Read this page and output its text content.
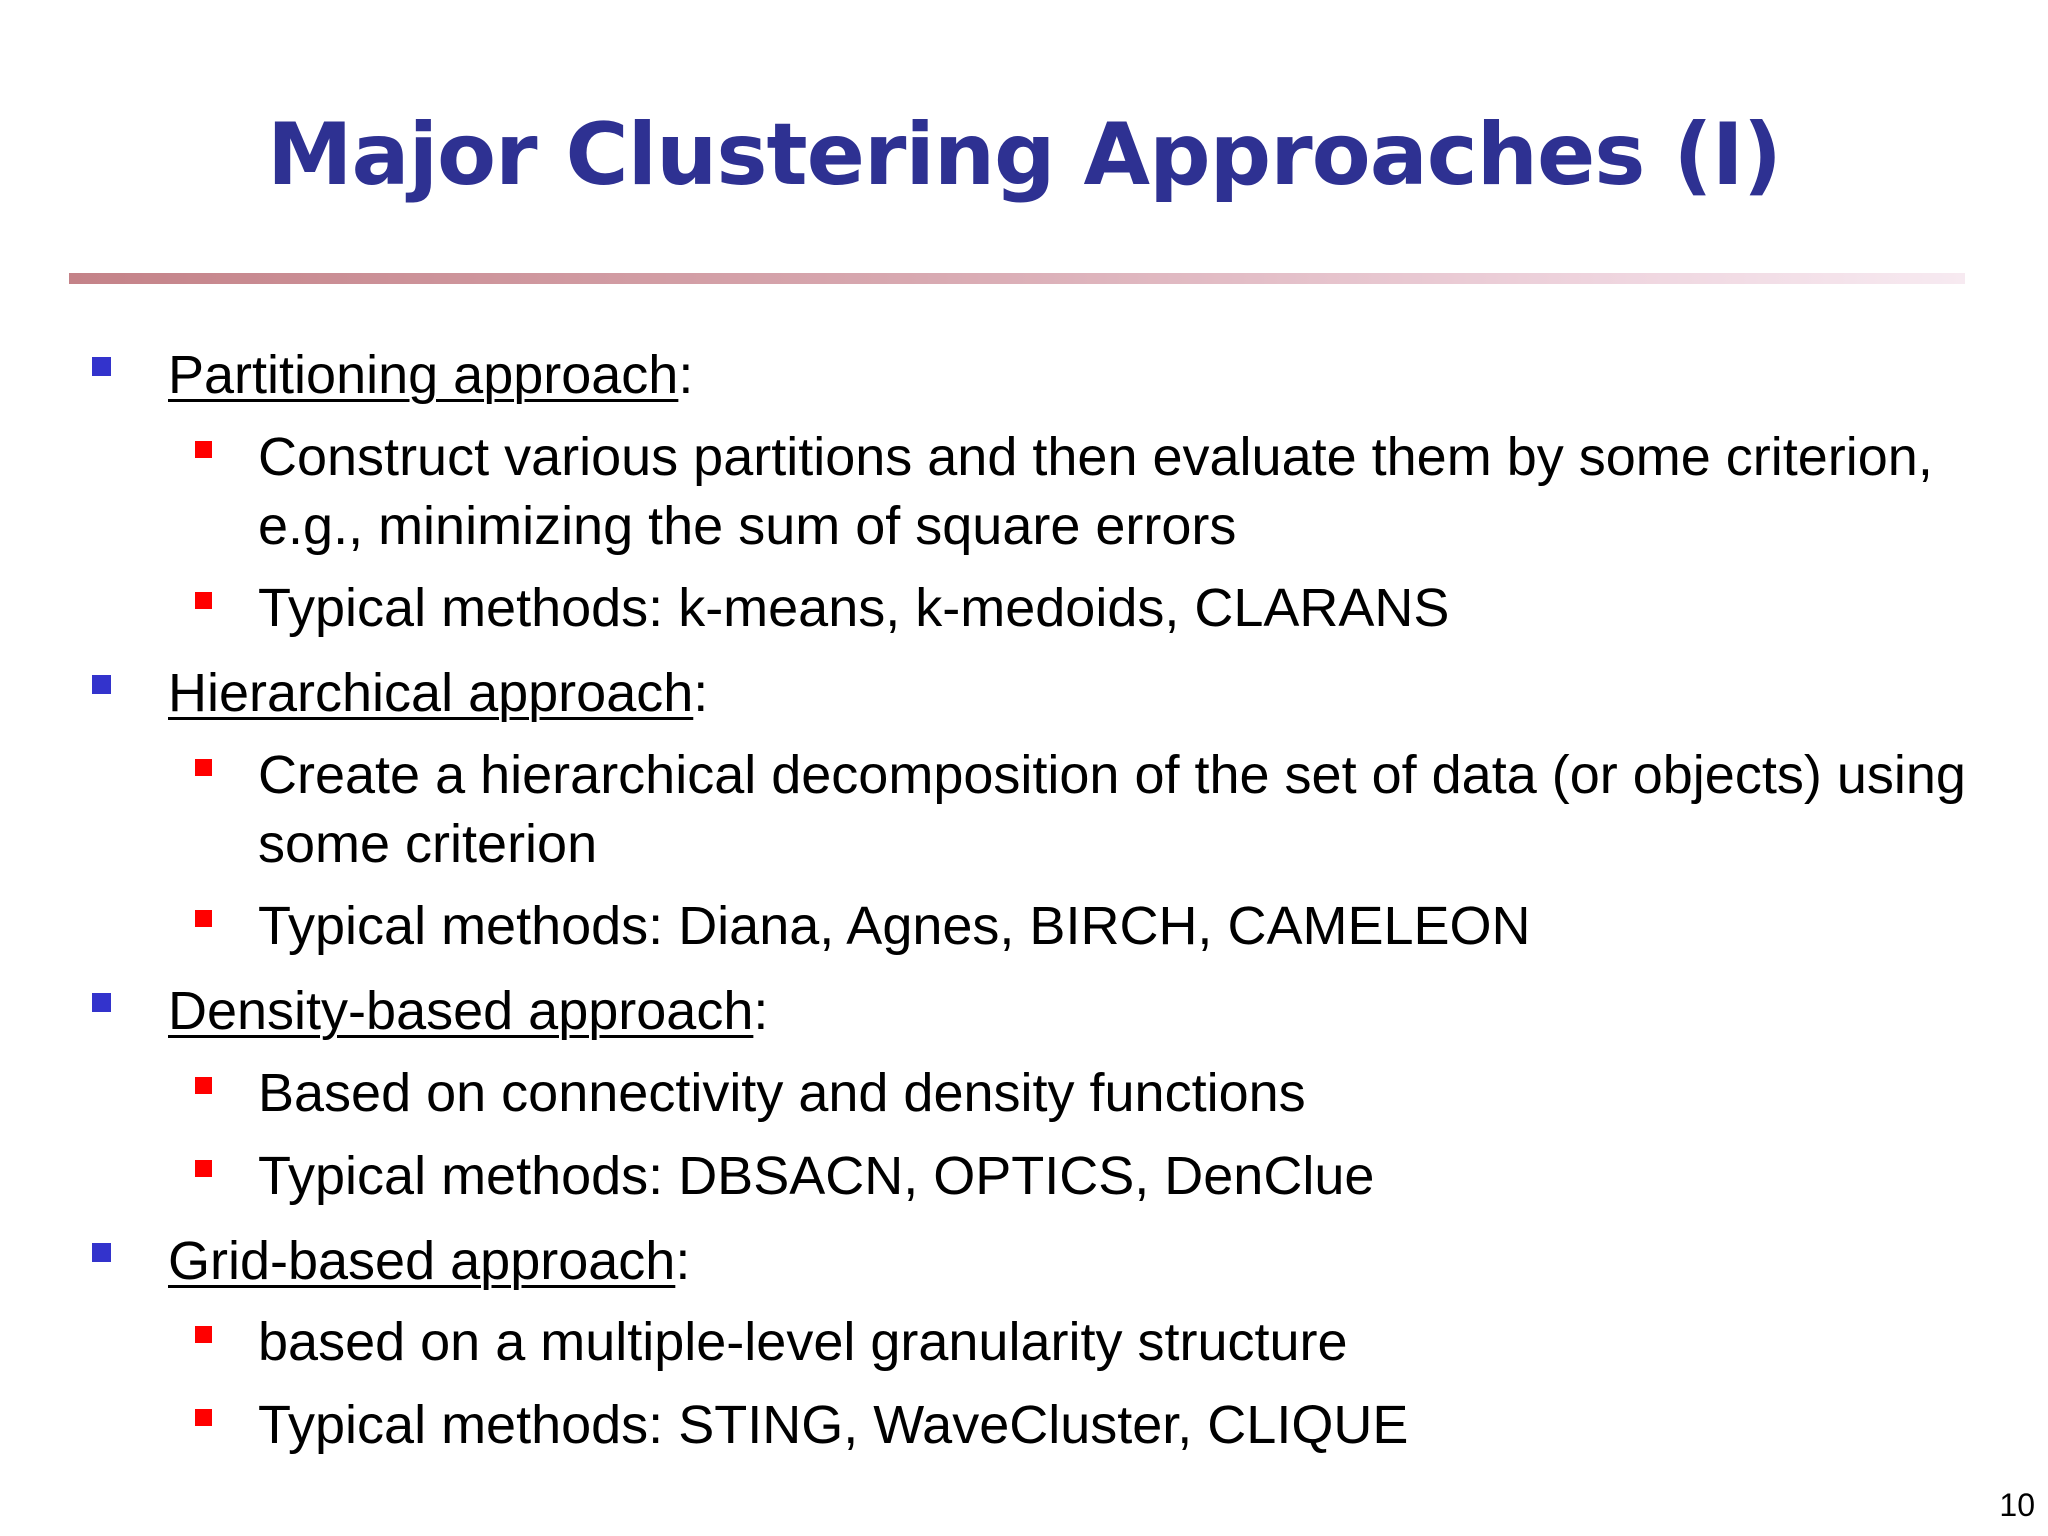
Major Clustering Approaches (I)
Partitioning approach:
Construct various partitions and then evaluate them by some criterion, e.g., minimizing the sum of square errors
Typical methods: k-means, k-medoids, CLARANS
Hierarchical approach:
Create a hierarchical decomposition of the set of data (or objects) using some criterion
Typical methods: Diana, Agnes, BIRCH, CAMELEON
Density-based approach:
Based on connectivity and density functions
Typical methods: DBSACN, OPTICS, DenClue
Grid-based approach:
based on a multiple-level granularity structure
Typical methods: STING, WaveCluster, CLIQUE
10
